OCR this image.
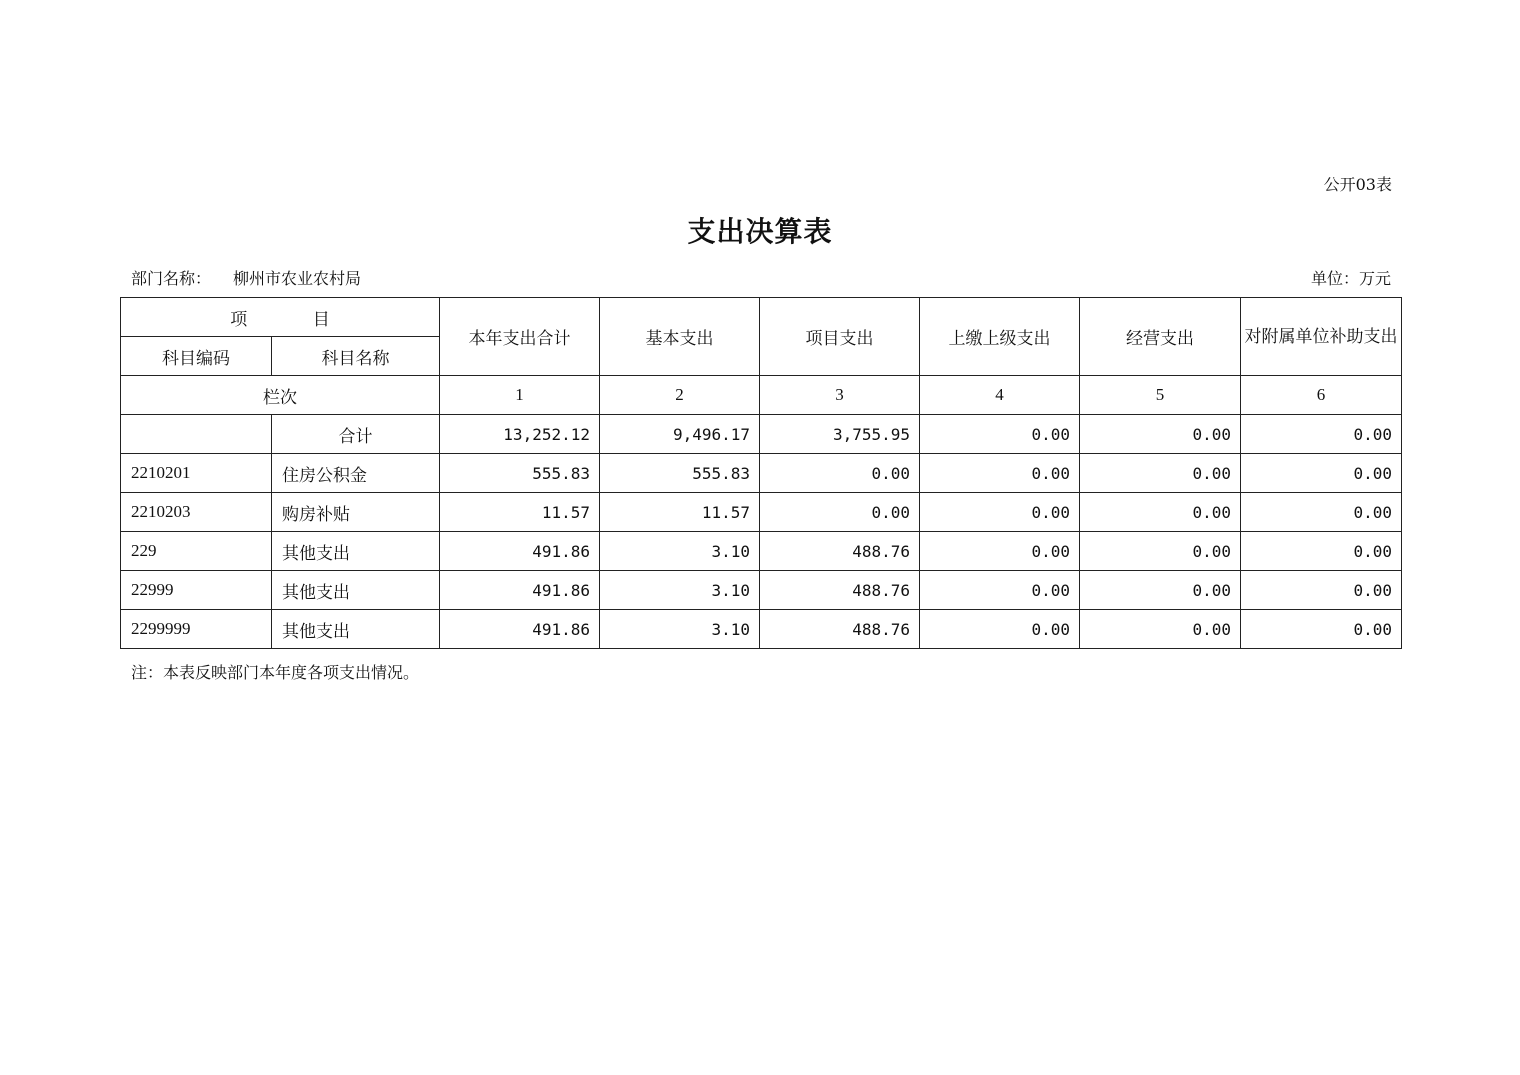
公开03表
支出决算表
部门名称： 柳州市农业农村局	单位：万元
项 目		本年支出合计	基本支出	项目支出	上缴上级支出	经营支出	对附属单位补助支出
科目编码	科目名称						
栏次		1	2	3	4	5	6
	合计	13,252.12	9,496.17	3,755.95	0.00	0.00	0.00
2210201	住房公积金	555.83	555.83	0.00	0.00	0.00	0.00
2210203	购房补贴	11.57	11.57	0.00	0.00	0.00	0.00
229	其他支出	491.86	3.10	488.76	0.00	0.00	0.00
22999	其他支出	491.86	3.10	488.76	0.00	0.00	0.00
2299999	其他支出	491.86	3.10	488.76	0.00	0.00	0.00
注：本表反映部门本年度各项支出情况。
